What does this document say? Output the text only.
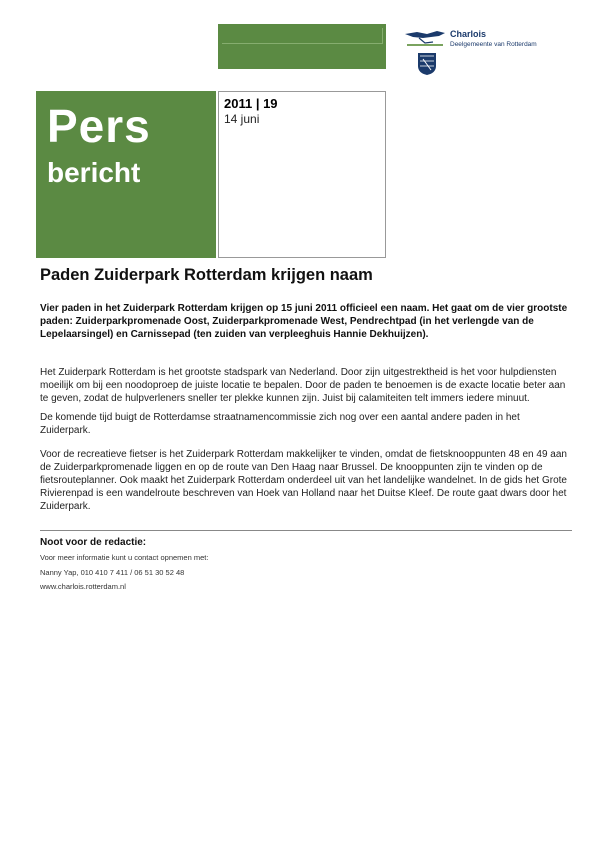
Charlois
Deelgemeente van Rotterdam
Pers
bericht
2011 | 19
14 juni
Paden Zuiderpark Rotterdam krijgen naam
Vier paden in het Zuiderpark Rotterdam krijgen op 15 juni 2011 officieel een naam. Het gaat om de vier grootste paden: Zuiderparkpromenade Oost, Zuiderparkpromenade West, Pendrechtpad (in het verlengde van de Lepelaarsingel) en Carnissepad (ten zuiden van verpleeghuis Hannie Dekhuijzen).

Het Zuiderpark Rotterdam is het grootste stadspark van Nederland. Door zijn uitgestrektheid is het voor hulpdiensten moeilijk om bij een noodoproep de juiste locatie te bepalen. Door de paden te benoemen is de exacte locatie beter aan te geven, zodat de hulpverleners sneller ter plekke kunnen zijn. Juist bij calamiteiten telt immers iedere minuut.

De komende tijd buigt de Rotterdamse straatnamencommissie zich nog over een aantal andere paden in het Zuiderpark.

Voor de recreatieve fietser is het Zuiderpark Rotterdam makkelijker te vinden, omdat de fietsknooppunten 48 en 49 aan de Zuiderparkpromenade liggen en op de route van Den Haag naar Brussel. De knooppunten zijn te vinden op de fietsrouteplanner. Ook maakt het Zuiderpark Rotterdam onderdeel uit van het landelijke wandelnet. In de gids het Grote Rivierenpad is een wandelroute beschreven van Hoek van Holland naar het Duitse Kleef. De route gaat dwars door het Zuiderpark.

Noot voor de redactie:
Voor meer informatie kunt u contact opnemen met:
Nanny Yap, 010 410 7 411 / 06 51 30 52 48
www.charlois.rotterdam.nl
